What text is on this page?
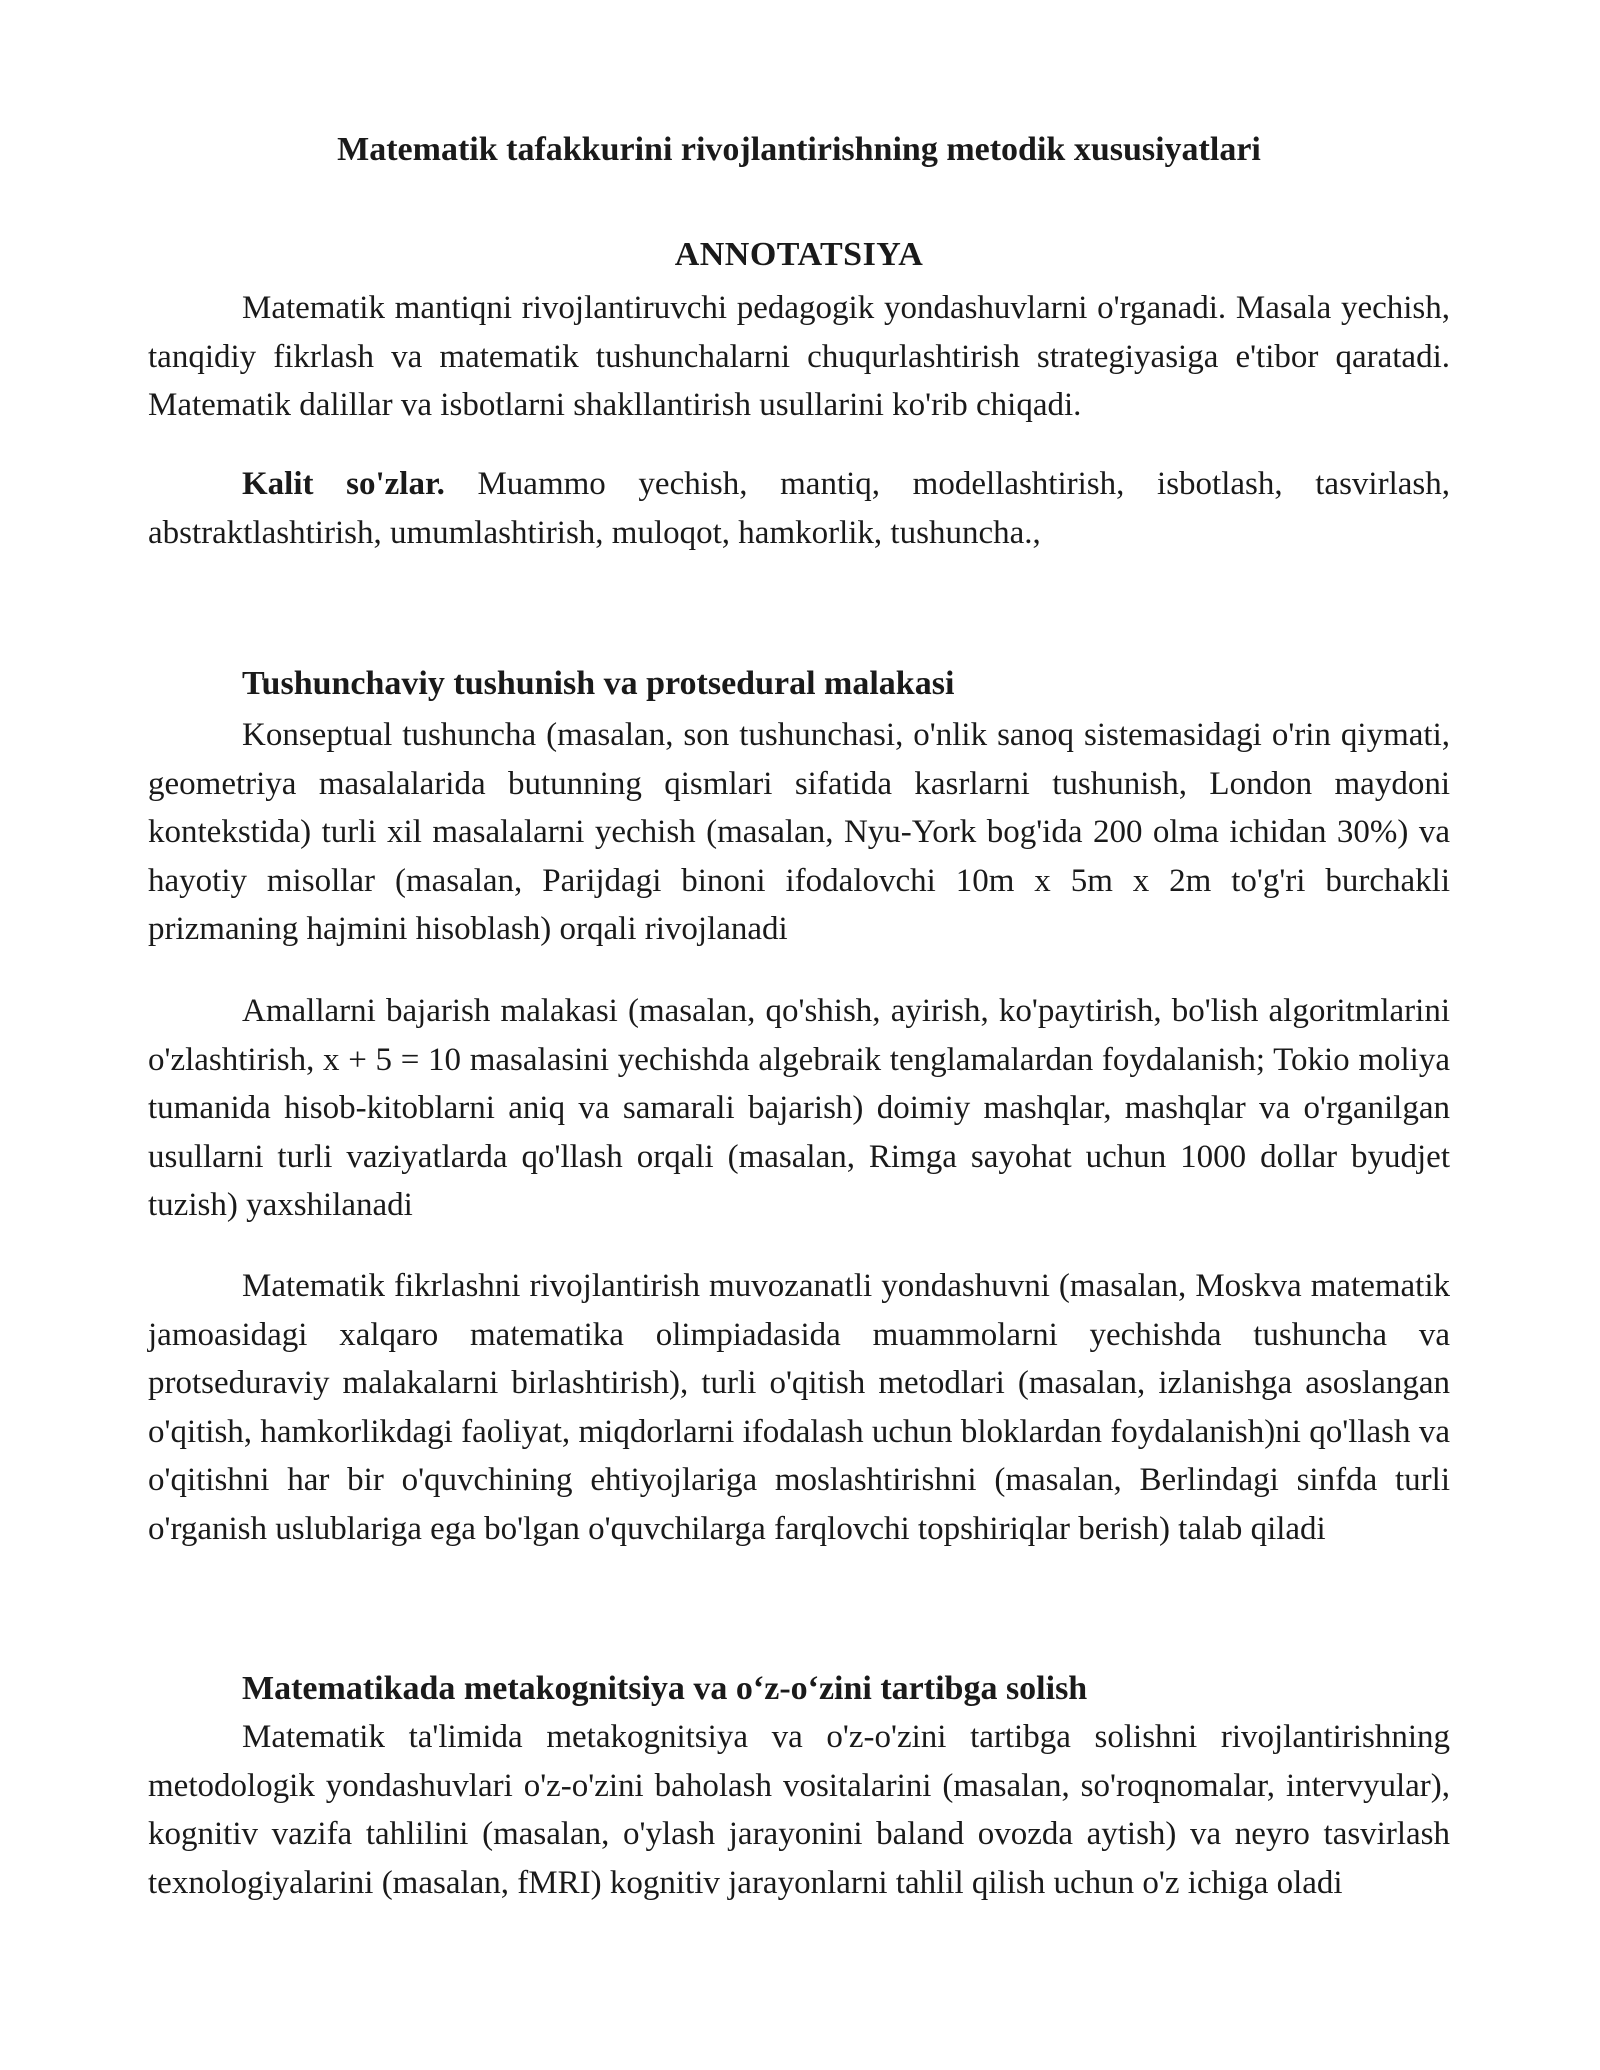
Matematik tafakkurini rivojlantirishning metodik xususiyatlari
ANNOTATSIYA

Matematik mantiqni rivojlantiruvchi pedagogik yondashuvlarni o'rganadi. Masala yechish, tanqidiy fikrlash va matematik tushunchalarni chuqurlashtirish strategiyasiga e'tibor qaratadi. Matematik dalillar va isbotlarni shakllantirish usullarini ko'rib chiqadi.

Kalit so'zlar. Muammo yechish, mantiq, modellashtirish, isbotlash, tasvirlash, abstraktlashtirish, umumlashtirish, muloqot, hamkorlik, tushuncha.,

Tushunchaviy tushunish va protsedural malakasi

Konseptual tushuncha (masalan, son tushunchasi, o'nlik sanoq sistemasidagi o'rin qiymati, geometriya masalalarida butunning qismlari sifatida kasrlarni tushunish, London maydoni kontekstida) turli xil masalalarni yechish (masalan, Nyu-York bog'ida 200 olma ichidan 30%) va hayotiy misollar (masalan, Parijdagi binoni ifodalovchi 10m x 5m x 2m to'g'ri burchakli prizmaning hajmini hisoblash) orqali rivojlanadi

Amallarni bajarish malakasi (masalan, qo'shish, ayirish, ko'paytirish, bo'lish algoritmlarini o'zlashtirish, x + 5 = 10 masalasini yechishda algebraik tenglamalardan foydalanish; Tokio moliya tumanida hisob-kitoblarni aniq va samarali bajarish) doimiy mashqlar, mashqlar va o'rganilgan usullarni turli vaziyatlarda qo'llash orqali (masalan, Rimga sayohat uchun 1000 dollar byudjet tuzish) yaxshilanadi

Matematik fikrlashni rivojlantirish muvozanatli yondashuvni (masalan, Moskva matematik jamoasidagi xalqaro matematika olimpiadasida muammolarni yechishda tushuncha va protseduraviy malakalarni birlashtirish), turli o'qitish metodlari (masalan, izlanishga asoslangan o'qitish, hamkorlikdagi faoliyat, miqdorlarni ifodalash uchun bloklardan foydalanish)ni qo'llash va o'qitishni har bir o'quvchining ehtiyojlariga moslashtirishni (masalan, Berlindagi sinfda turli o'rganish uslublariga ega bo'lgan o'quvchilarga farqlovchi topshiriqlar berish) talab qiladi

Matematikada metakognitsiya va o‘z-o‘zini tartibga solish

Matematik ta'limida metakognitsiya va o'z-o'zini tartibga solishni rivojlantirishning metodologik yondashuvlari o'z-o'zini baholash vositalarini (masalan, so'roqnomalar, intervyular), kognitiv vazifa tahlilini (masalan, o'ylash jarayonini baland ovozda aytish) va neyro tasvirlash texnologiyalarini (masalan, fMRI) kognitiv jarayonlarni tahlil qilish uchun o'z ichiga oladi
